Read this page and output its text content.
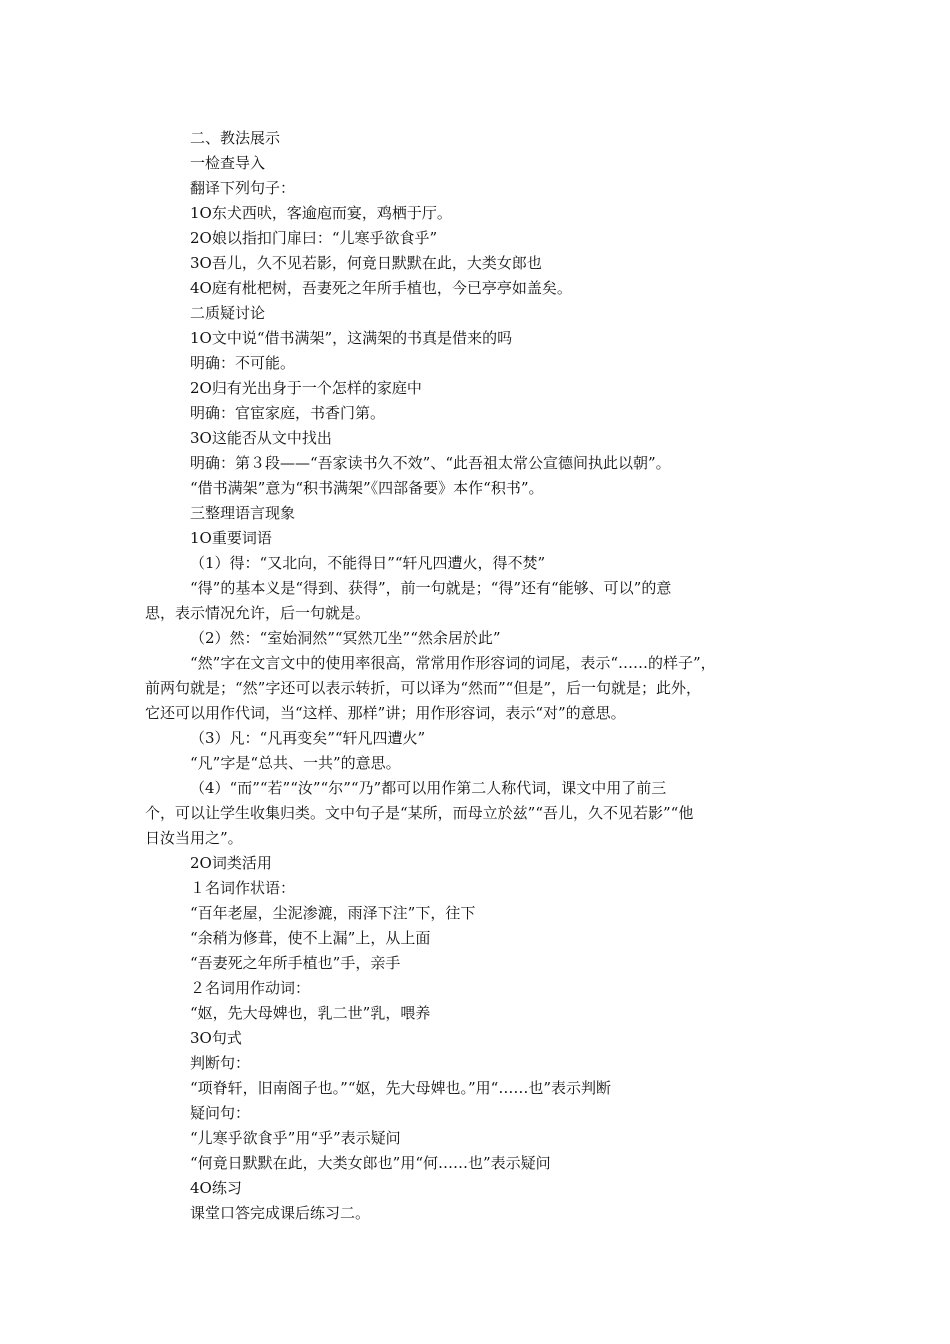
二、教法展示
一检查导入
翻译下列句子：
1O东犬西吠，客逾庖而宴，鸡栖于厅。
2O娘以指扣门扉曰：“儿寒乎欲食乎”
3O吾儿，久不见若影，何竟日默默在此，大类女郎也
4O庭有枇杷树，吾妻死之年所手植也，今已亭亭如盖矣。
二质疑讨论
1O文中说“借书满架”，这满架的书真是借来的吗
明确：不可能。
2O归有光出身于一个怎样的家庭中
明确：官宦家庭，书香门第。
3O这能否从文中找出
明确：第３段——“吾家读书久不效”、“此吾祖太常公宣德间执此以朝”。
“借书满架”意为“积书满架”《四部备要》本作“积书”。
三整理语言现象
1O重要词语
（1）得：“又北向，不能得日”“轩凡四遭火，得不焚”
“得”的基本义是“得到、获得”，前一句就是；“得”还有“能够、可以”的意
思，表示情况允许，后一句就是。
（2）然：“室始洞然”“冥然兀坐”“然余居於此”
“然”字在文言文中的使用率很高，常常用作形容词的词尾，表示“……的样子”，
前两句就是；“然”字还可以表示转折，可以译为“然而”“但是”，后一句就是；此外，
它还可以用作代词，当“这样、那样”讲；用作形容词，表示“对”的意思。
（3）凡：“凡再变矣”“轩凡四遭火”
“凡”字是“总共、一共”的意思。
（4）“而”“若”“汝”“尔”“乃”都可以用作第二人称代词，课文中用了前三
个，可以让学生收集归类。文中句子是“某所，而母立於兹”“吾儿，久不见若影”“他
日汝当用之”。
2O词类活用
１名词作状语：
“百年老屋，尘泥渗漉，雨泽下注”下，往下
“余稍为修葺，使不上漏”上，从上面
“吾妻死之年所手植也”手，亲手
２名词用作动词：
“妪，先大母婢也，乳二世”乳，喂养
3O句式
判断句：
“项脊轩，旧南阁子也。”“妪，先大母婢也。”用“……也”表示判断
疑问句：
“儿寒乎欲食乎”用“乎”表示疑问
“何竟日默默在此，大类女郎也”用“何……也”表示疑问
4O练习
课堂口答完成课后练习二。
